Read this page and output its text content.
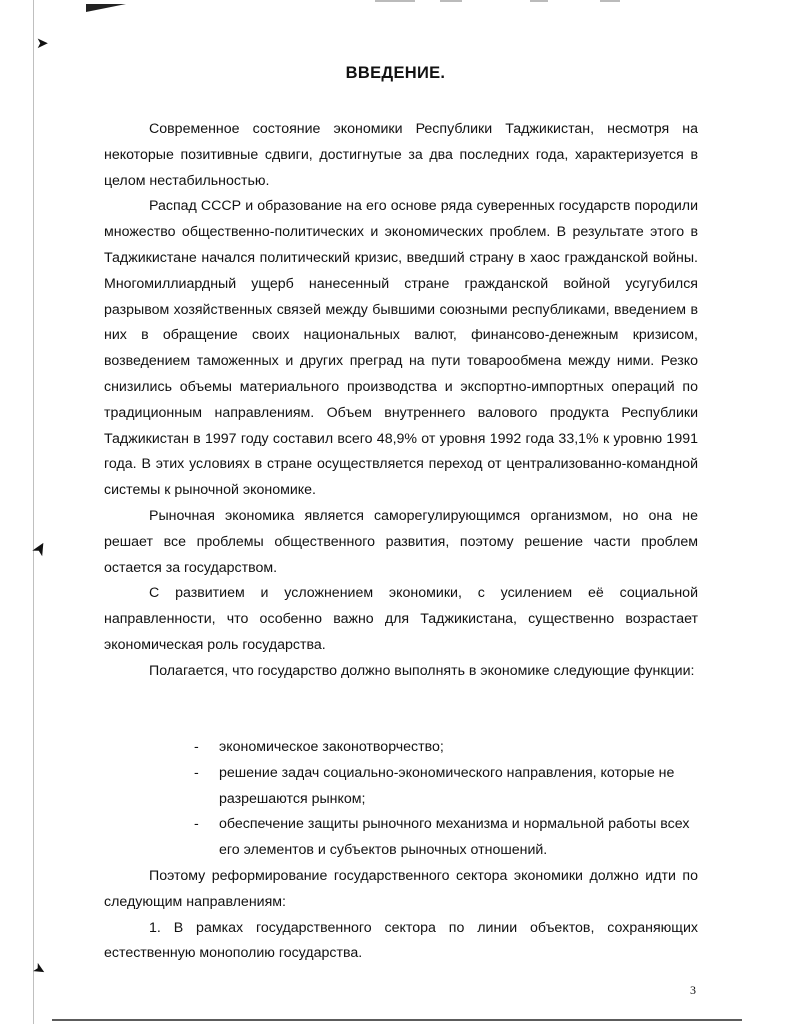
➤
➤
➤
ВВЕДЕНИЕ.

Современное состояние экономики Республики Таджикистан, несмотря на некоторые позитивные сдвиги, достигнутые за два последних года, характеризуется в целом нестабильностью.

Распад СССР и образование на его основе ряда суверенных государств породили множество общественно-политических и экономических проблем. В результате этого в Таджикистане начался политический кризис, введший страну в хаос гражданской войны. Многомиллиардный ущерб нанесенный стране гражданской войной усугубился разрывом хозяйственных связей между бывшими союзными республиками, введением в них в обращение своих национальных валют, финансово-денежным кризисом, возведением таможенных и других преград на пути товарообмена между ними. Резко снизились объемы материального производства и экспортно-импортных операций по традиционным направлениям. Объем внутреннего валового продукта Республики Таджикистан в 1997 году составил всего 48,9% от уровня 1992 года 33,1% к уровню 1991 года. В этих условиях в стране осуществляется переход от централизованно-командной системы к рыночной экономике.

Рыночная экономика является саморегулирующимся организмом, но она не решает все проблемы общественного развития, поэтому решение части проблем остается за государством.

С развитием и усложнением экономики, с усилением её социальной направленности, что особенно важно для Таджикистана, существенно возрастает экономическая роль государства.

Полагается, что государство должно выполнять в экономике следующие функции:

- экономическое законотворчество;
- решение задач социально-экономического направления, которые не разрешаются рынком;
- обеспечение защиты рыночного механизма и нормальной работы всех его элементов и субъектов рыночных отношений.

Поэтому реформирование государственного сектора экономики должно идти по следующим направлениям:

1. В рамках государственного сектора по линии объектов, сохраняющих естественную монополию государства.

3
